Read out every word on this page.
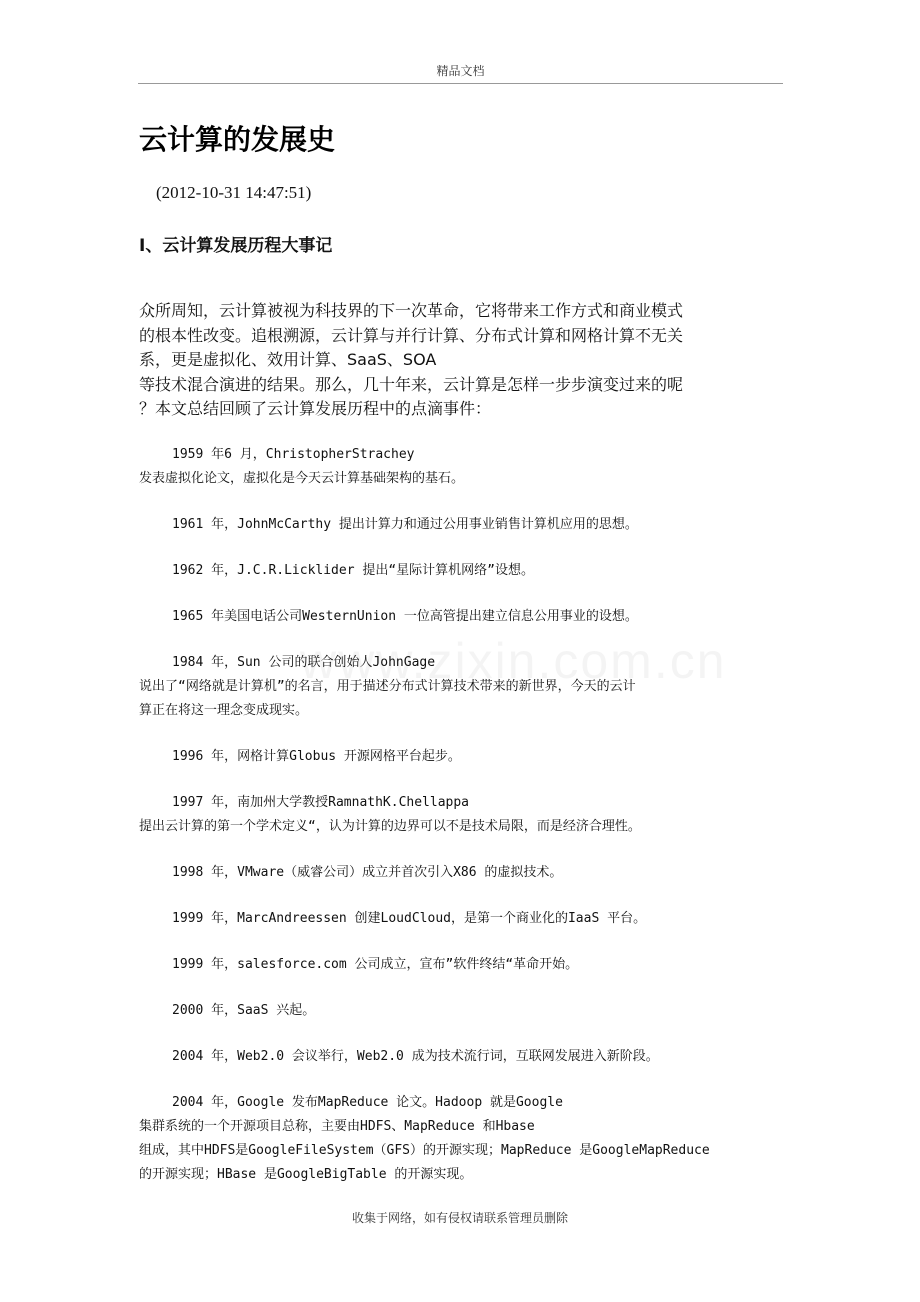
精品文档
云计算的发展史
(2012-10-31 14:47:51)
I、云计算发展历程大事记
众所周知，云计算被视为科技界的下一次革命，它将带来工作方式和商业模式
的根本性改变。追根溯源，云计算与并行计算、分布式计算和网格计算不无关
系，更是虚拟化、效用计算、SaaS、SOA
等技术混合演进的结果。那么，几十年来，云计算是怎样一步步演变过来的呢
？本文总结回顾了云计算发展历程中的点滴事件：
1959 年6 月，ChristopherStrachey
发表虚拟化论文，虚拟化是今天云计算基础架构的基石。
1961 年，JohnMcCarthy 提出计算力和通过公用事业销售计算机应用的思想。
1962 年，J.C.R.Licklider 提出“星际计算机网络”设想。
1965 年美国电话公司WesternUnion 一位高管提出建立信息公用事业的设想。
1984 年，Sun 公司的联合创始人JohnGage
说出了“网络就是计算机”的名言，用于描述分布式计算技术带来的新世界，今天的云计
算正在将这一理念变成现实。
1996 年，网格计算Globus 开源网格平台起步。
1997 年，南加州大学教授RamnathK.Chellappa
提出云计算的第一个学术定义“，认为计算的边界可以不是技术局限，而是经济合理性。
1998 年，VMware（威睿公司）成立并首次引入X86 的虚拟技术。
1999 年，MarcAndreessen 创建LoudCloud，是第一个商业化的IaaS 平台。
1999 年，salesforce.com 公司成立，宣布”软件终结“革命开始。
2000 年，SaaS 兴起。
2004 年，Web2.0 会议举行，Web2.0 成为技术流行词，互联网发展进入新阶段。
2004 年，Google 发布MapReduce 论文。Hadoop 就是Google
集群系统的一个开源项目总称，主要由HDFS、MapReduce 和Hbase
组成，其中HDFS是GoogleFileSystem（GFS）的开源实现；MapReduce 是GoogleMapReduce
的开源实现；HBase 是GoogleBigTable 的开源实现。
收集于网络，如有侵权请联系管理员删除
